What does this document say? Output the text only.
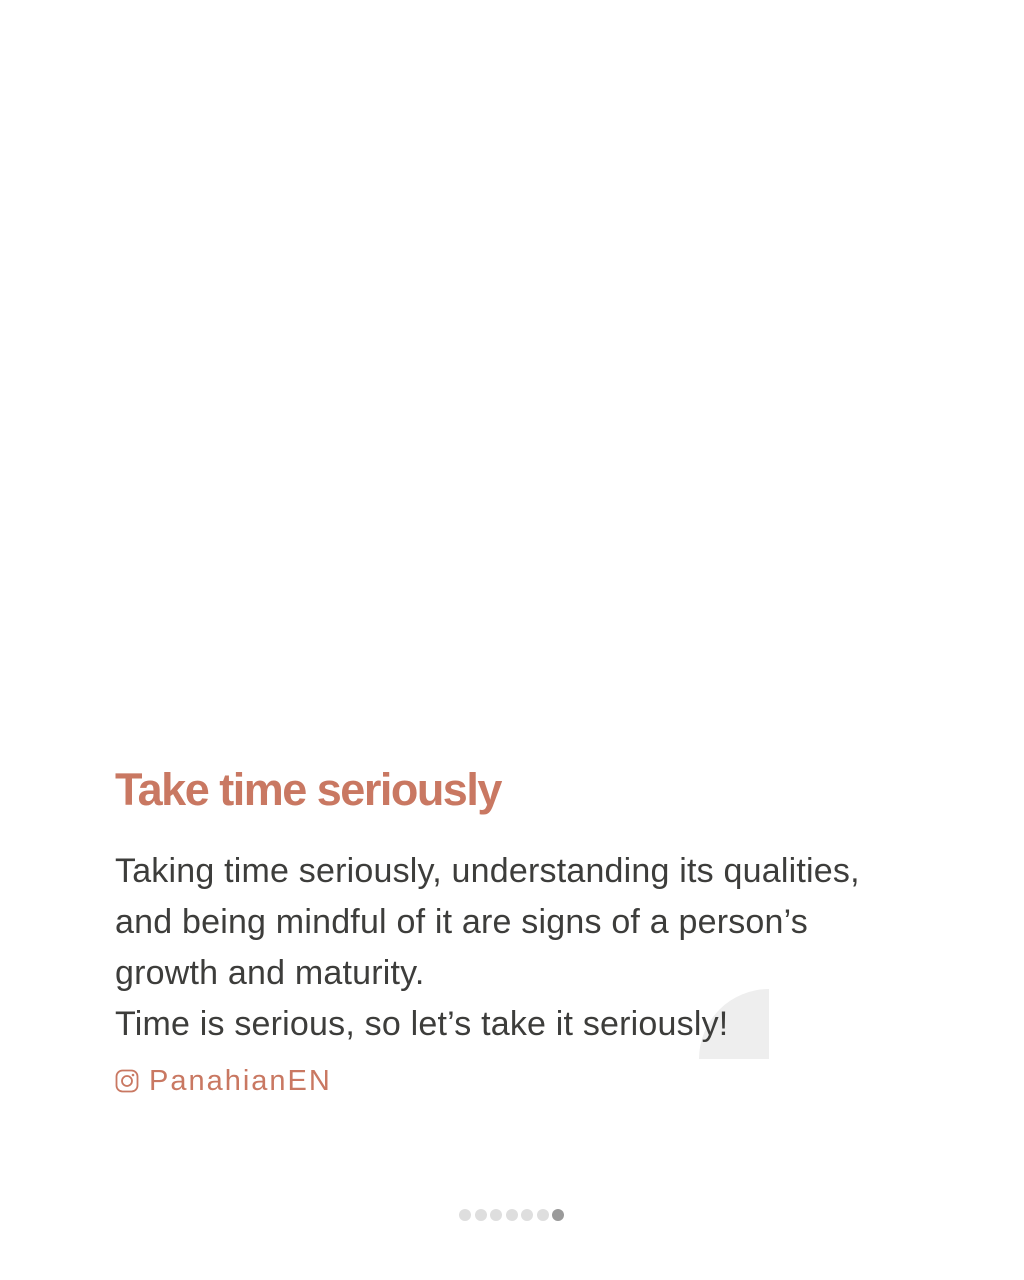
Take time seriously

Taking time seriously, understanding its qualities,
and being mindful of it are signs of a person’s
growth and maturity.
Time is serious, so let’s take it seriously!

PanahianEN
